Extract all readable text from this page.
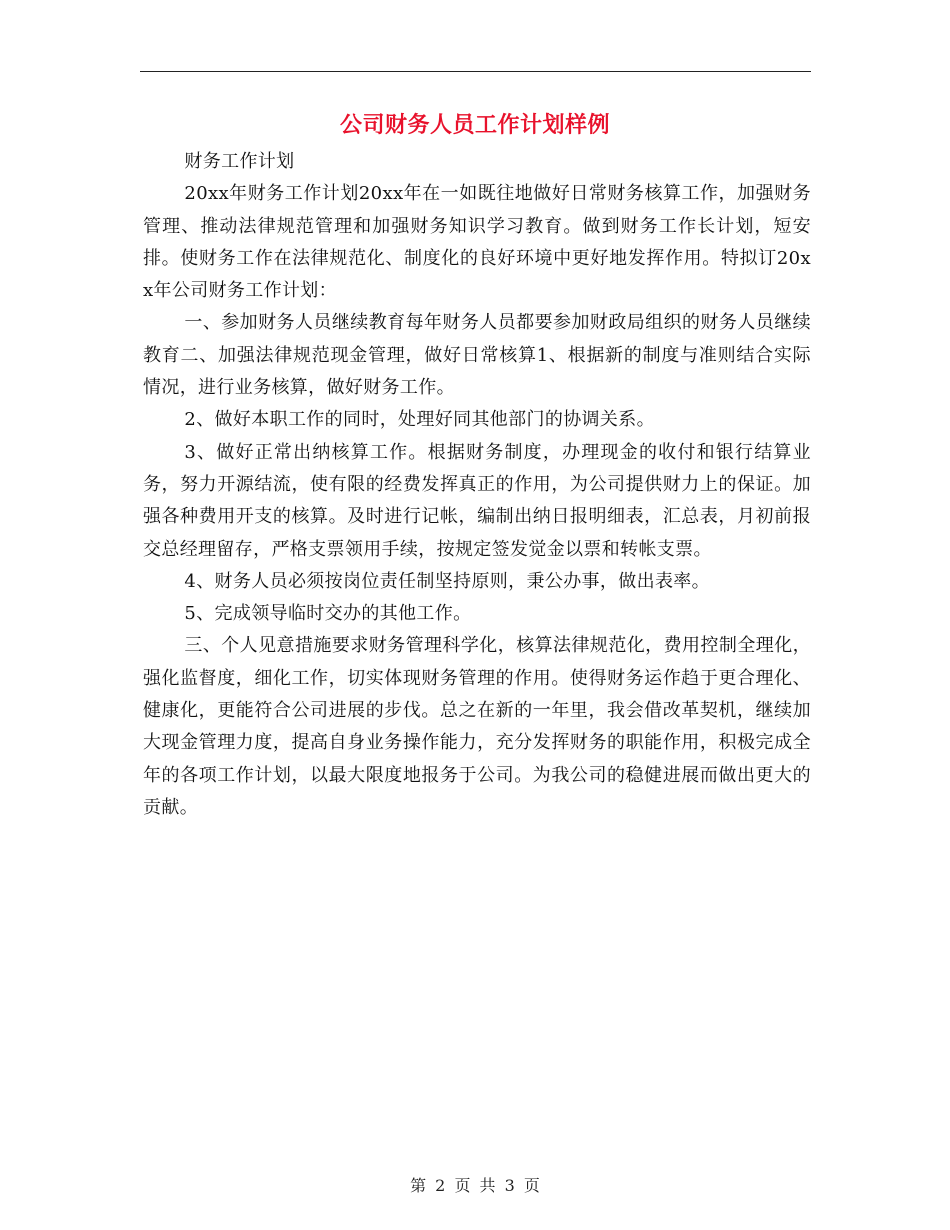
公司财务人员工作计划样例

财务工作计划

20xx年财务工作计划20xx年在一如既往地做好日常财务核算工作，加强财务管理、推动法律规范管理和加强财务知识学习教育。做到财务工作长计划，短安排。使财务工作在法律规范化、制度化的良好环境中更好地发挥作用。特拟订20xx年公司财务工作计划：

一、参加财务人员继续教育每年财务人员都要参加财政局组织的财务人员继续教育二、加强法律规范现金管理，做好日常核算1、根据新的制度与准则结合实际情况，进行业务核算，做好财务工作。

2、做好本职工作的同时，处理好同其他部门的协调关系。

3、做好正常出纳核算工作。根据财务制度，办理现金的收付和银行结算业务，努力开源结流，使有限的经费发挥真正的作用，为公司提供财力上的保证。加强各种费用开支的核算。及时进行记帐，编制出纳日报明细表，汇总表，月初前报交总经理留存，严格支票领用手续，按规定签发觉金以票和转帐支票。

4、财务人员必须按岗位责任制坚持原则，秉公办事，做出表率。

5、完成领导临时交办的其他工作。

三、个人见意措施要求财务管理科学化，核算法律规范化，费用控制全理化，强化监督度，细化工作，切实体现财务管理的作用。使得财务运作趋于更合理化、健康化，更能符合公司进展的步伐。总之在新的一年里，我会借改革契机，继续加大现金管理力度，提高自身业务操作能力，充分发挥财务的职能作用，积极完成全年的各项工作计划，以最大限度地报务于公司。为我公司的稳健进展而做出更大的贡献。

第 2 页 共 3 页
